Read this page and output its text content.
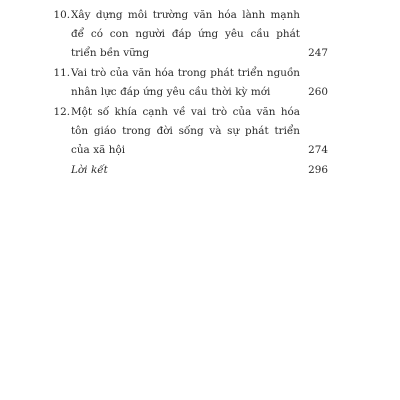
10. Xây dựng môi trường văn hóa lành mạnh để có con người đáp ứng yêu cầu phát triển bền vững	247
11. Vai trò của văn hóa trong phát triển nguồn nhân lực đáp ứng yêu cầu thời kỳ mới	260
12. Một số khía cạnh về vai trò của văn hóa tôn giáo trong đời sống và sự phát triển của xã hội	274
Lời kết	296
